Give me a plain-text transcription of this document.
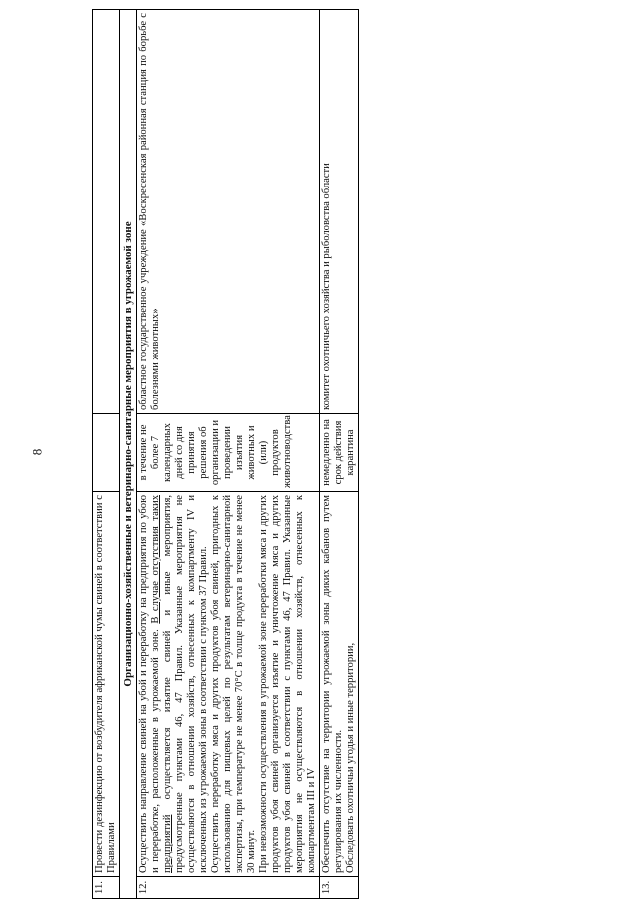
8
11.	Провести дезинфекцию от возбудителя африканской чумы свиней в соответствии с Правилами		
Организационно-хозяйственные и ветеринарно-санитарные мероприятия в угрожаемой зоне			
12.	Осуществить направление свиней на убой и переработку на предприятия по убою и переработке, расположенные в угрожаемой зоне. В случае отсутствия таких предприятий осуществляется изъятие свиней и иные мероприятия, предусмотренные пунктами 46, 47 Правил. Указанные мероприятия не осуществляются в отношении хозяйств, отнесенных к компартменту IV и исключенных из угрожаемой зоны в соответствии с пунктом 37 Правил.
Осуществить переработку мяса и других продуктов убоя свиней, пригодных к использованию для пищевых целей по результатам ветеринарно-санитарной экспертизы, при температуре не менее 70°С в толще продукта в течение не менее 30 минут.
При невозможности осуществления в угрожаемой зоне переработки мяса и других продуктов убоя свиней организуется изъятие и уничтожение мяса и других продуктов убоя свиней в соответствии с пунктами 46, 47 Правил. Указанные мероприятия не осуществляются в отношении хозяйств, отнесенных к компартментам III и IV	в течение не более 7 календарных дней со дня принятия решения об организации и проведении изъятия животных и (или) продуктов животноводства	областное государственное учреждение «Воскресенская районная станция по борьбе с болезнями животных»
13.	Обеспечить отсутствие на территории угрожаемой зоны диких кабанов путем регулирования их численности.
Обследовать охотничьи угодья и иные территории,	немедленно на срок действия карантина	комитет охотничьего хозяйства и рыболовства области
